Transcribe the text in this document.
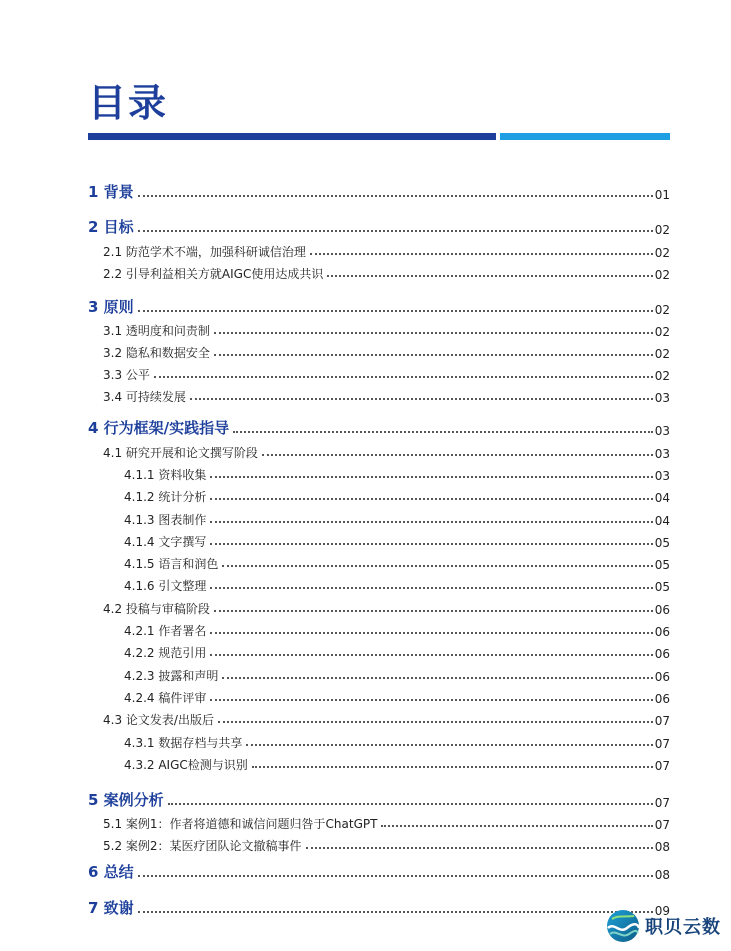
目录
1 背景	01
2 目标	02
2.1 防范学术不端，加强科研诚信治理	02
2.2 引导利益相关方就AIGC使用达成共识	02
3 原则	02
3.1 透明度和问责制	02
3.2 隐私和数据安全	02
3.3 公平	02
3.4 可持续发展	03
4 行为框架/实践指导	03
4.1 研究开展和论文撰写阶段	03
4.1.1 资料收集	03
4.1.2 统计分析	04
4.1.3 图表制作	04
4.1.4 文字撰写	05
4.1.5 语言和润色	05
4.1.6 引文整理	05
4.2 投稿与审稿阶段	06
4.2.1 作者署名	06
4.2.2 规范引用	06
4.2.3 披露和声明	06
4.2.4 稿件评审	06
4.3 论文发表/出版后	07
4.3.1 数据存档与共享	07
4.3.2 AIGC检测与识别	07
5 案例分析	07
5.1 案例1：作者将道德和诚信问题归咎于ChatGPT	07
5.2 案例2：某医疗团队论文撤稿事件	08
6 总结	08
7 致谢	09
职贝云数
